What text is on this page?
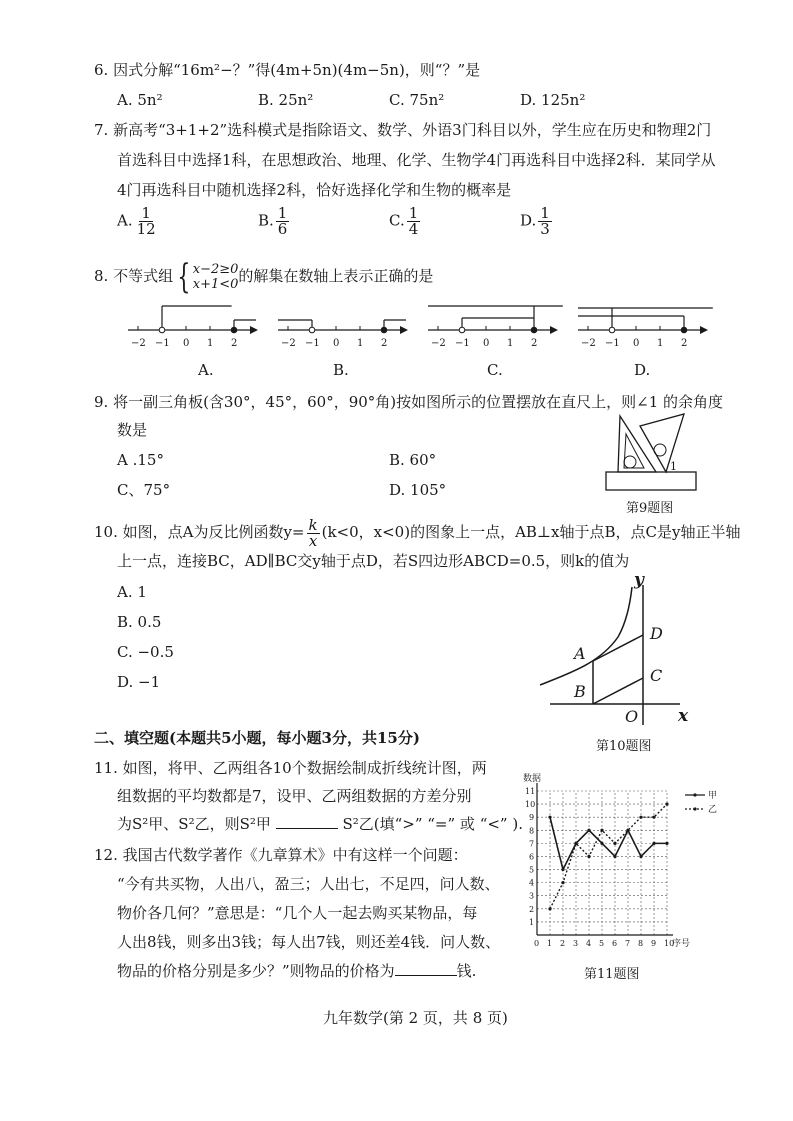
6. 因式分解“16m²−？”得(4m+5n)(4m−5n)，则“？”是
A. 5n²	B. 25n²	C. 75n²	D. 125n²
7. 新高考“3+1+2”选科模式是指除语文、数学、外语3门科目以外，学生应在历史和物理2门
首选科目中选择1科，在思想政治、地理、化学、生物学4门再选科目中选择2科．某同学从
4门再选科目中随机选择2科，恰好选择化学和生物的概率是
A. $\frac{1}{12}$	B. $\frac{1}{6}$	C. $\frac{1}{4}$	D. $\frac{1}{3}$
8. 不等式组 { x−2≥0
x+1<0 的解集在数轴上表示正确的是
−2 −1 0 1 2	−2 −1 0 1 2	−2 −1 0 1 2	−2 −1 0 1 2
A.	B.	C.	D.
9. 将一副三角板(含30°，45°，60°，90°角)按如图所示的位置摆放在直尺上，则∠1 的余角度
数是
A .15°	B. 60°
C、75°	D. 105°
1
第9题图
10. 如图，点A为反比例函数$y= \frac{k}{x} (k<0$，x<0)的图象上一点，AB⊥x轴于点B，点C是y轴正半轴
上一点，连接BC，AD∥BC交y轴于点D，若S四边形ABCD=0.5，则k的值为
A. 1
B. 0.5
C. −0.5
D. −1
A
B
C
D
O x
y
第10题图
二、填空题(本题共5小题，每小题3分，共15分)
11. 如图，将甲、乙两组各10个数据绘制成折线统计图，两
组数据的平均数都是7，设甲、乙两组数据的方差分别
为S²甲、S²乙，则S²甲	S²乙(填“>” “=” 或 “<” ).
12. 我国古代数学著作《九章算术》中有这样一个问题：
“今有共买物，人出八，盈三；人出七，不足四，问人数、
物价各几何？”意思是：“几个人一起去购买某物品，每
人出8钱，则多出3钱；每人出7钱，则还差4钱．问人数、
物品的价格分别是多少？”则物品的价格为	钱.
0 1 2 3 4 5 6 7 8 9 10
1
2
3
4
5
6
7
8
9
10
11
数据
序号
甲
乙
第11题图
九年数学(第 2 页，共 8 页)
